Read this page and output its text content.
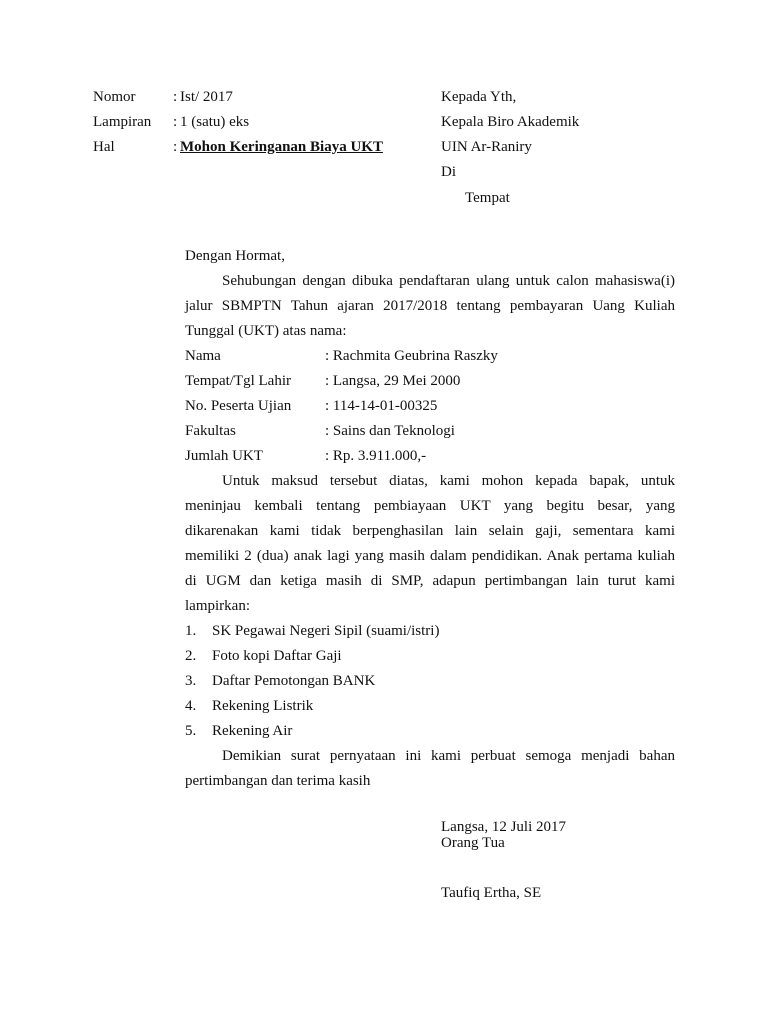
Nomor	: Ist/ 2017
Lampiran : 1 (satu) eks
Hal	: Mohon Keringanan Biaya UKT
Kepada Yth,
Kepala Biro Akademik
UIN Ar-Raniry
Di
Tempat
Dengan Hormat,
Sehubungan dengan dibuka pendaftaran ulang untuk calon mahasiswa(i)
jalur SBMPTN Tahun ajaran 2017/2018 tentang pembayaran Uang Kuliah
Tunggal (UKT) atas nama:
Nama	: Rachmita Geubrina Raszky
Tempat/Tgl Lahir : Langsa, 29 Mei 2000
No. Peserta Ujian : 114-14-01-00325
Fakultas	: Sains dan Teknologi
Jumlah UKT	: Rp. 3.911.000,-
Untuk maksud tersebut diatas, kami mohon kepada bapak, untuk
meninjau kembali tentang pembiayaan UKT yang begitu besar, yang
dikarenakan kami tidak berpenghasilan lain selain gaji, sementara kami
memiliki 2 (dua) anak lagi yang masih dalam pendidikan. Anak pertama kuliah
di UGM dan ketiga masih di SMP, adapun pertimbangan lain turut kami
lampirkan:
1. SK Pegawai Negeri Sipil (suami/istri)
2. Foto kopi Daftar Gaji
3. Daftar Pemotongan BANK
4. Rekening Listrik
5. Rekening Air
Demikian surat pernyataan ini kami perbuat semoga menjadi bahan
pertimbangan dan terima kasih
Langsa, 12 Juli 2017
Orang Tua
Taufiq Ertha, SE
